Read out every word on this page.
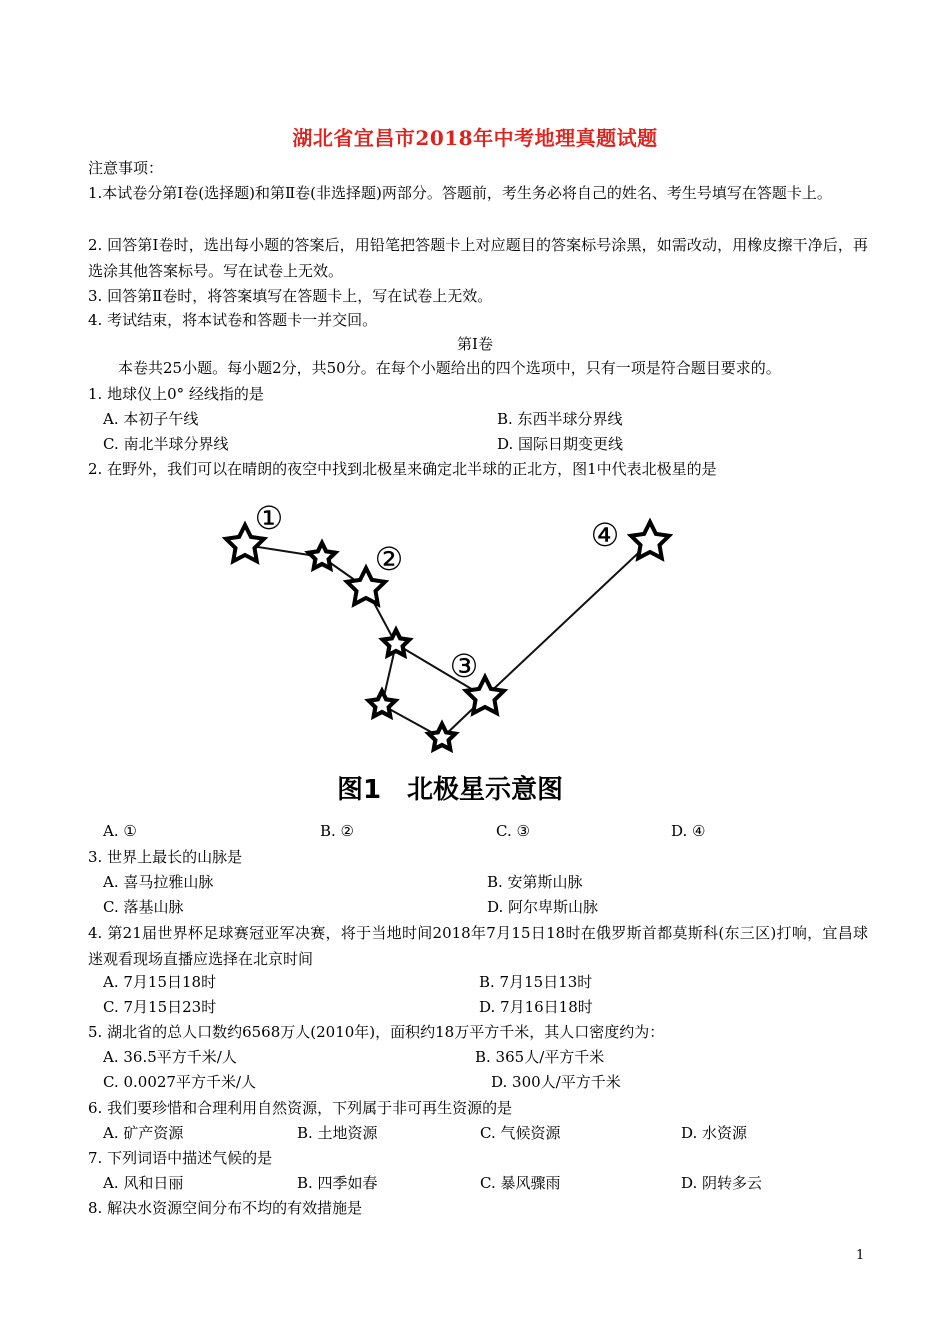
湖北省宜昌市2018年中考地理真题试题
注意事项：
1.本试卷分第Ⅰ卷(选择题)和第Ⅱ卷(非选择题)两部分。答题前，考生务必将自己的姓名、考生号填写在答题卡上。
2. 回答第Ⅰ卷时，选出每小题的答案后，用铅笔把答题卡上对应题目的答案标号涂黑，如需改动，用橡皮擦干净后，再选涂其他答案标号。写在试卷上无效。
3. 回答第Ⅱ卷时，将答案填写在答题卡上，写在试卷上无效。
4. 考试结束，将本试卷和答题卡一并交回。
第Ⅰ卷
本卷共25小题。每小题2分，共50分。在每个小题给出的四个选项中，只有一项是符合题目要求的。
1. 地球仪上0° 经线指的是
A. 本初子午线	B. 东西半球分界线
C. 南北半球分界线	D. 国际日期变更线
2. 在野外，我们可以在晴朗的夜空中找到北极星来确定北半球的正北方，图1中代表北极星的是
①
②
③
④
图1　北极星示意图
A. ①	B. ②	C. ③	D. ④
3. 世界上最长的山脉是
A. 喜马拉雅山脉	B. 安第斯山脉
C. 落基山脉	D. 阿尔卑斯山脉
4. 第21届世界杯足球赛冠亚军决赛，将于当地时间2018年7月15日18时在俄罗斯首都莫斯科(东三区)打响，宜昌球迷观看现场直播应选择在北京时间
A. 7月15日18时	B. 7月15日13时
C. 7月15日23时	D. 7月16日18时
5. 湖北省的总人口数约6568万人(2010年)，面积约18万平方千米，其人口密度约为：
A. 36.5平方千米/人	B. 365人/平方千米
C. 0.0027平方千米/人	D. 300人/平方千米
6. 我们要珍惜和合理利用自然资源，下列属于非可再生资源的是
A. 矿产资源	B. 土地资源	C. 气候资源	D. 水资源
7. 下列词语中描述气候的是
A. 风和日丽	B. 四季如春	C. 暴风骤雨	D. 阴转多云
8. 解决水资源空间分布不均的有效措施是
1
